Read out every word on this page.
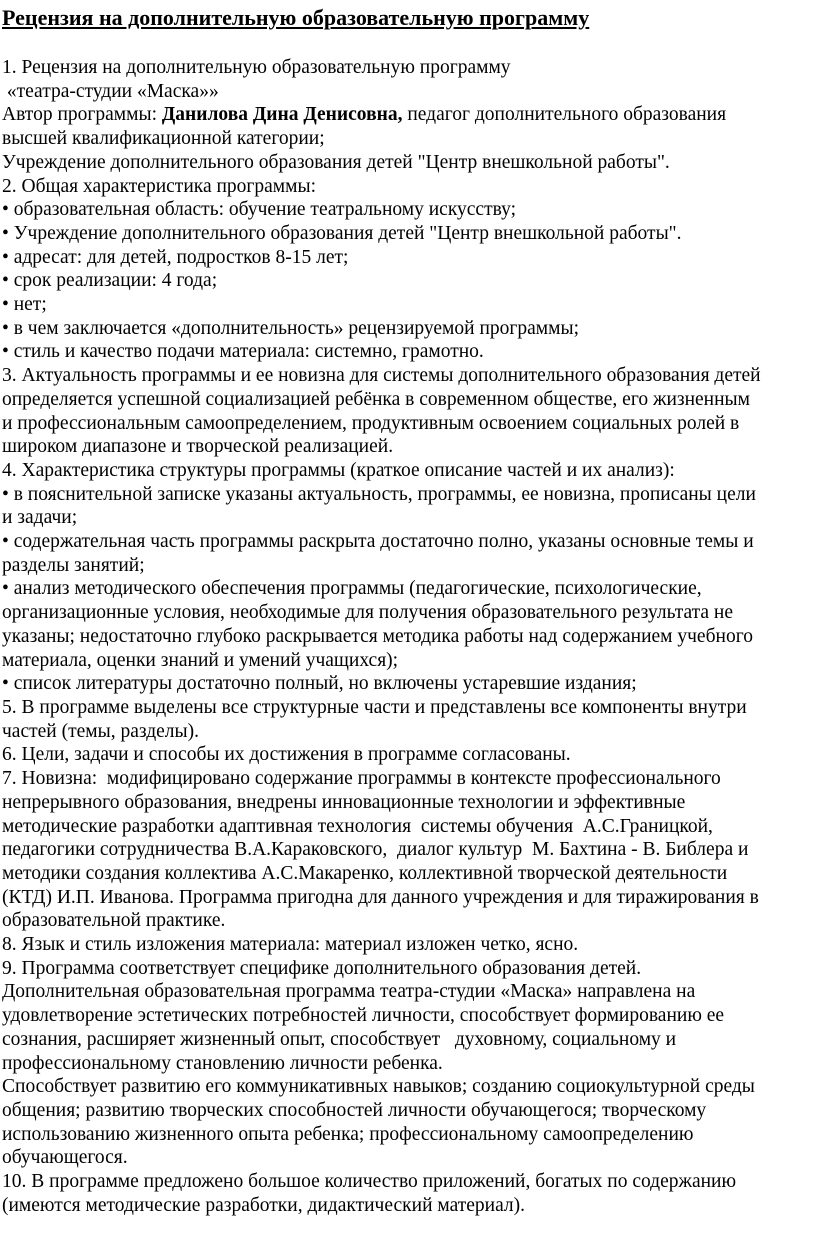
Рецензия на дополнительную образовательную программу

1. Рецензия на дополнительную образовательную программу

«театра-студии «Маска»»

Автор программы: Данилова Дина Денисовна, педагог дополнительного образования

высшей квалификационной категории;

Учреждение дополнительного образования детей "Центр внешкольной работы".

2. Общая характеристика программы:

• образовательная область: обучение театральному искусству;

• Учреждение дополнительного образования детей "Центр внешкольной работы".

• адресат: для детей, подростков 8-15 лет;

• срок реализации: 4 года;

• нет;

• в чем заключается «дополнительность» рецензируемой программы;

• стиль и качество подачи материала: системно, грамотно.

3. Актуальность программы и ее новизна для системы дополнительного образования детей

определяется успешной социализацией ребёнка в современном обществе, его жизненным

и профессиональным самоопределением, продуктивным освоением социальных ролей в

широком диапазоне и творческой реализацией.

4. Характеристика структуры программы (краткое описание частей и их анализ):

• в пояснительной записке указаны актуальность, программы, ее новизна, прописаны цели

и задачи;

• содержательная часть программы раскрыта достаточно полно, указаны основные темы и

разделы занятий;

• анализ методического обеспечения программы (педагогические, психологические,

организационные условия, необходимые для получения образовательного результата не

указаны; недостаточно глубоко раскрывается методика работы над содержанием учебного

материала, оценки знаний и умений учащихся);

• список литературы достаточно полный, но включены устаревшие издания;

5. В программе выделены все структурные части и представлены все компоненты внутри

частей (темы, разделы).

6. Цели, задачи и способы их достижения в программе согласованы.

7. Новизна:  модифицировано содержание программы в контексте профессионального

непрерывного образования, внедрены инновационные технологии и эффективные

методические разработки адаптивная технология  системы обучения  А.С.Границкой,

педагогики сотрудничества В.А.Караковского,  диалог культур  М. Бахтина - В. Библера и

методики создания коллектива А.С.Макаренко, коллективной творческой деятельности

(КТД) И.П. Иванова. Программа пригодна для данного учреждения и для тиражирования в

образовательной практике.

8. Язык и стиль изложения материала: материал изложен четко, ясно.

9. Программа соответствует специфике дополнительного образования детей.

Дополнительная образовательная программа театра-студии «Маска» направлена на

удовлетворение эстетических потребностей личности, способствует формированию ее

сознания, расширяет жизненный опыт, способствует   духовному, социальному и

профессиональному становлению личности ребенка.

Способствует развитию его коммуникативных навыков; созданию социокультурной среды

общения; развитию творческих способностей личности обучающегося; творческому

использованию жизненного опыта ребенка; профессиональному самоопределению

обучающегося.

10. В программе предложено большое количество приложений, богатых по содержанию

(имеются методические разработки, дидактический материал).
